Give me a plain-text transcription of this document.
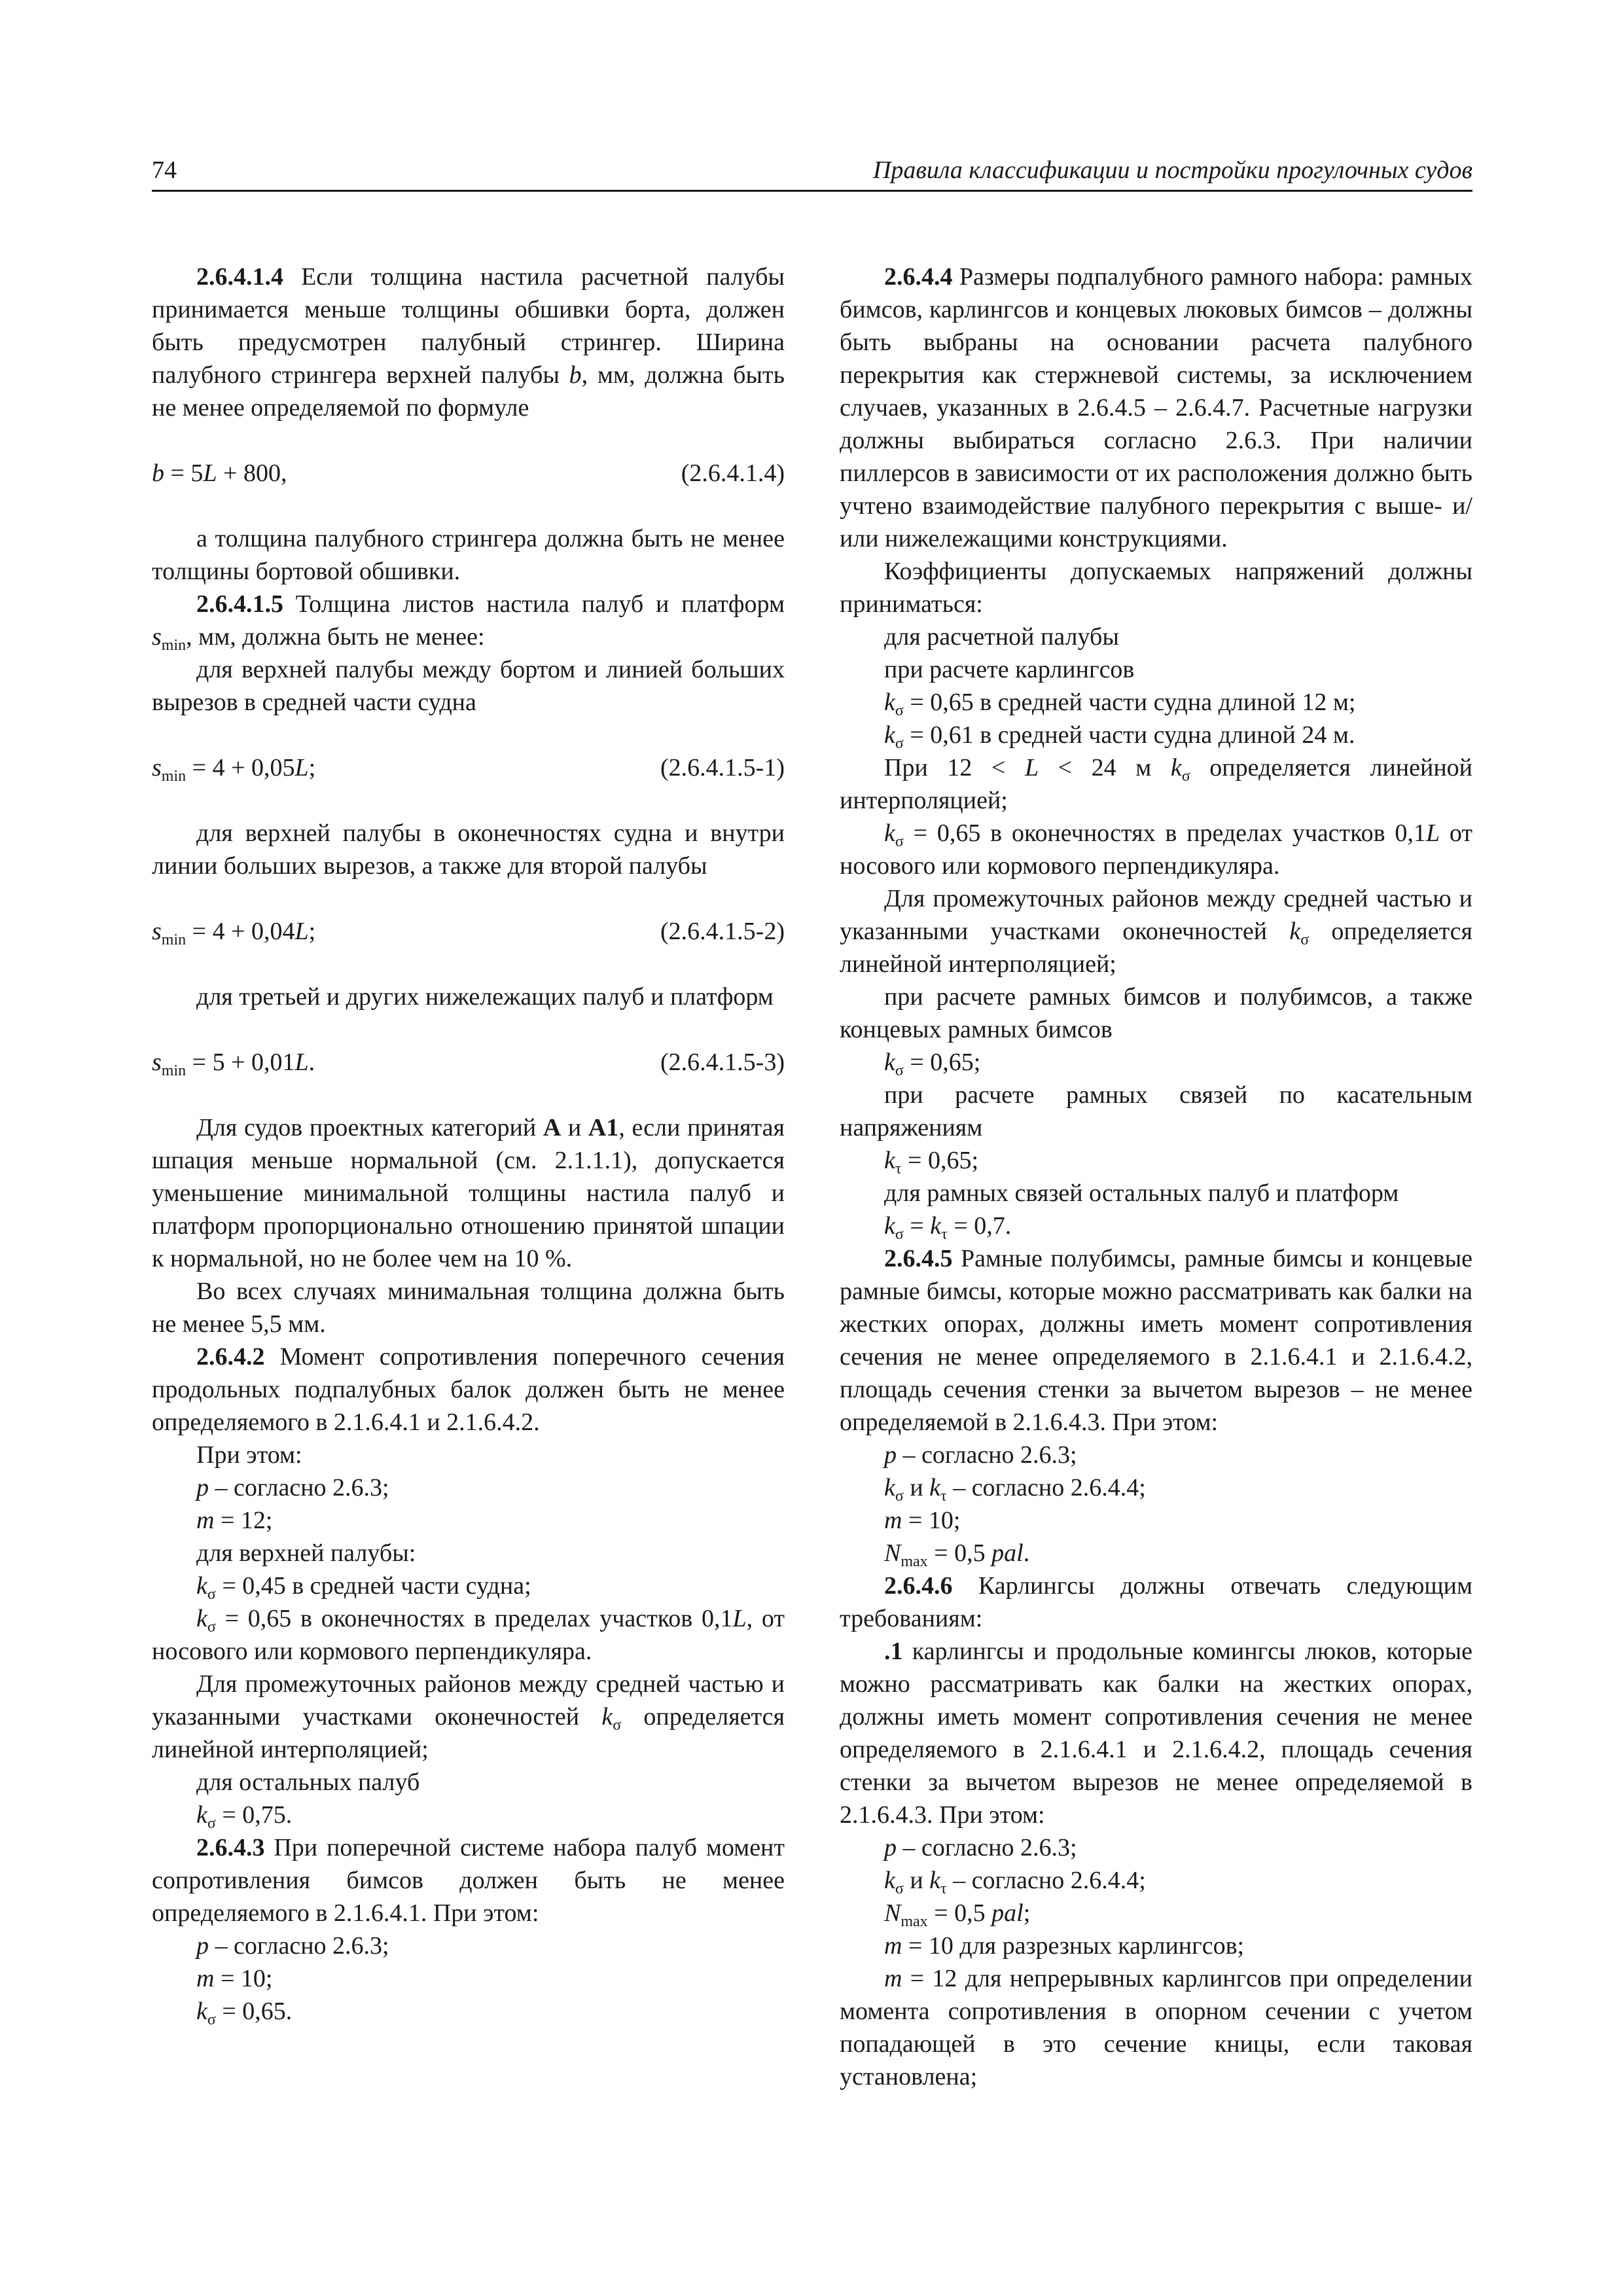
74	Правила классификации и постройки прогулочных судов

2.6.4.1.4 Если толщина настила расчетной палубы принимается меньше толщины обшивки борта, должен быть предусмотрен палубный стрингер. Ширина палубного стрингера верхней палубы b, мм, должна быть не менее определяемой по формуле

b = 5L + 800,	(2.6.4.1.4)

а толщина палубного стрингера должна быть не менее толщины бортовой обшивки.

2.6.4.1.5 Толщина листов настила палуб и платформ $s_{min}$, мм, должна быть не менее:

для верхней палубы между бортом и линией больших вырезов в средней части судна

$s_{min} = 4 + 0,05L$;	(2.6.4.1.5-1)

для верхней палубы в оконечностях судна и внутри линии больших вырезов, а также для второй палубы

$s_{min} = 4 + 0,04L$;	(2.6.4.1.5-2)

для третьей и других нижележащих палуб и платформ

$s_{min} = 5 + 0,01L$.	(2.6.4.1.5-3)

Для судов проектных категорий A и A1, если принятая шпация меньше нормальной (см. 2.1.1.1), допускается уменьшение минимальной толщины настила палуб и платформ пропорционально отношению принятой шпации к нормальной, но не более чем на 10 %.

Во всех случаях минимальная толщина должна быть не менее 5,5 мм.

2.6.4.2 Момент сопротивления поперечного сечения продольных подпалубных балок должен быть не менее определяемого в 2.1.6.4.1 и 2.1.6.4.2.

При этом:

p – согласно 2.6.3;

m = 12;

для верхней палубы:

$k_\sigma = 0,45$ в средней части судна;

$k_\sigma = 0,65$ в оконечностях в пределах участков 0,1L, от носового или кормового перпендикуляра.

Для промежуточных районов между средней частью и указанными участками оконечностей $k_\sigma$ определяется линейной интерполяцией;

для остальных палуб

$k_\sigma = 0,75$.

2.6.4.3 При поперечной системе набора палуб момент сопротивления бимсов должен быть не менее определяемого в 2.1.6.4.1. При этом:

p – согласно 2.6.3;

m = 10;

$k_\sigma = 0,65$.

2.6.4.4 Размеры подпалубного рамного набора: рамных бимсов, карлингсов и концевых люковых бимсов – должны быть выбраны на основании расчета палубного перекрытия как стержневой системы, за исключением случаев, указанных в 2.6.4.5 – 2.6.4.7. Расчетные нагрузки должны выбираться согласно 2.6.3. При наличии пиллерсов в зависимости от их расположения должно быть учтено взаимодействие палубного перекрытия с выше- и/или нижележащими конструкциями.

Коэффициенты допускаемых напряжений должны приниматься:

для расчетной палубы

при расчете карлингсов

$k_\sigma = 0,65$ в средней части судна длиной 12 м;

$k_\sigma = 0,61$ в средней части судна длиной 24 м.

При 12 < L < 24 м $k_\sigma$ определяется линейной интерполяцией;

$k_\sigma = 0,65$ в оконечностях в пределах участков 0,1L от носового или кормового перпендикуляра.

Для промежуточных районов между средней частью и указанными участками оконечностей $k_\sigma$ определяется линейной интерполяцией;

при расчете рамных бимсов и полубимсов, а также концевых рамных бимсов

$k_\sigma = 0,65$;

при расчете рамных связей по касательным напряжениям

$k_\tau = 0,65$;

для рамных связей остальных палуб и платформ

$k_\sigma = k_\tau = 0,7$.

2.6.4.5 Рамные полубимсы, рамные бимсы и концевые рамные бимсы, которые можно рассматривать как балки на жестких опорах, должны иметь момент сопротивления сечения не менее определяемого в 2.1.6.4.1 и 2.1.6.4.2, площадь сечения стенки за вычетом вырезов – не менее определяемой в 2.1.6.4.3. При этом:

p – согласно 2.6.3;

$k_\sigma$ и $k_\tau$ – согласно 2.6.4.4;

m = 10;

$N_{max} = 0,5$ pal.

2.6.4.6 Карлингсы должны отвечать следующим требованиям:

.1 карлингсы и продольные комингсы люков, которые можно рассматривать как балки на жестких опорах, должны иметь момент сопротивления сечения не менее определяемого в 2.1.6.4.1 и 2.1.6.4.2, площадь сечения стенки за вычетом вырезов не менее определяемой в 2.1.6.4.3. При этом:

p – согласно 2.6.3;

$k_\sigma$ и $k_\tau$ – согласно 2.6.4.4;

$N_{max} = 0,5$ pal;

m = 10 для разрезных карлингсов;

m = 12 для непрерывных карлингсов при определении момента сопротивления в опорном сечении с учетом попадающей в это сечение кницы, если таковая установлена;
